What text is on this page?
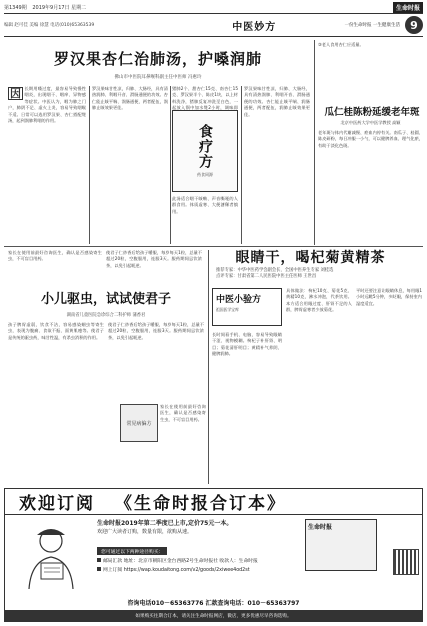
第1349期 2019年9月17日 星期二	生命时报
编辑 赵可佳 美编 徐慧 电话(010)65363539	中医妙方	一份生命时报 一生健康生活 9
罗汉果杏仁治肺汤，护嗓润肺
佛山市中医院耳鼻喉科副主任中医师 冯惠玲
因 长期用嗓过度，最容易导致慢性咽炎，出现咽干、咽痒、异物感等症状。中医认为，咽为肺之门户，肺阴不足、虚火上炎，容易导致咽喉不适。日常可以选用罗汉果、杏仁搭配煲汤，起到润肺利咽的作用。
罗汉果味甘性凉，归肺、大肠经，具有清热润肺、利咽开音、滑肠通便的功效。杏仁能止咳平喘、润肠通便，两者配伍，润肺止咳效果更佳。
猪肺2个、甜杏仁15克、南杏仁15克、罗汉果半个、陈皮1块，以上材料洗净，猪肺反复冲洗至白色，一起放入锅中加水煲2小时，调味即
食疗方
药食同源
此汤适合咽干咳嗽、声音嘶哑的人群食用。体质虚寒、大便溏稀者慎用。
罗汉果味甘性凉，归肺、大肠经，具有清热润肺、利咽开音、滑肠通便的功效。杏仁能止咳平喘、润肠通便，两者配伍，润肺止咳效果更佳。
③老人食用杏仁应适量。
瓜仁桂陈粉延缓老年斑
北京中医药大学中医学教授 高颖
老年斑与体内代谢减慢、瘀血内停有关。南瓜子、桂圆、陈皮研粉，每日冲服一小勺，可以健脾养血、理气化瘀，有助于淡化色斑。
家长在使用前最好咨询医生，确认是否感染寄生虫，不可盲目用药。
使君子仁炒香后给孩子嚼服，每岁每天1粒，总量不超过20粒，空腹服用，连服3天。服药期间忌饮浓茶，以免引起呃逆。
小儿驱虫，试试使君子
湖南省儿童医院急诊综合二科护师 蒲香君
孩子脾胃虚弱，饮食不洁，容易感染蛔虫等寄生虫，表现为腹痛、食欲不振、面黄肌瘦等。使君子是传统的驱虫药，味甘性温，有杀虫消积的作用。
使君子仁炒香后给孩子嚼服，每岁每天1粒，总量不超过20粒，空腹服用，连服3天。服药期间忌饮浓茶，以免引起呃逆。
常见病偏方
家长在使用前最好咨询医生，确认是否感染寄生虫，不可盲目用药。
眼睛干，喝杞菊黄精茶
推荐专家：中华中医药学会副会长、全国中医养生专家 刘桂选
点评专家：甘肃省第二人民医院中医主任医师 王世昌
中医小验方
祖国医学宝库
长时间看手机、电脑，容易导致眼睛干涩、视物模糊。枸杞子补肝肾、明目；菊花清肝明目；黄精补气养阴、健脾润肺。
具体做法：枸杞10克、菊花5克、黄精10克，沸水冲泡，代茶饮用。本方适合用眼过度、肝肾不足的人群，脾胃虚寒者少放菊花。
平时还要注意让眼睛休息，每用眼1小时远眺5分钟，多眨眼，保持室内湿度适宜。
欢迎订阅 《生命时报合订本》
生命时报2019年第二季度已上市,定价75元一本。
欢迎广大读者订购，数量有限，欲购从速。
您可通过以下两种途径购买：
邮局汇款 地址：北京市朝阳区金台西路2号生命时报社 收款人：生命时报
网上订阅 https://wap.koudaitong.com/v2/goods/2xiwee4od2st
生命时报
咨询电话010－65363776 汇款查询电话：010－65363797
如果购买往期合订本，请关注生命时报网店，微店，更多优惠尽早咨询选购。
